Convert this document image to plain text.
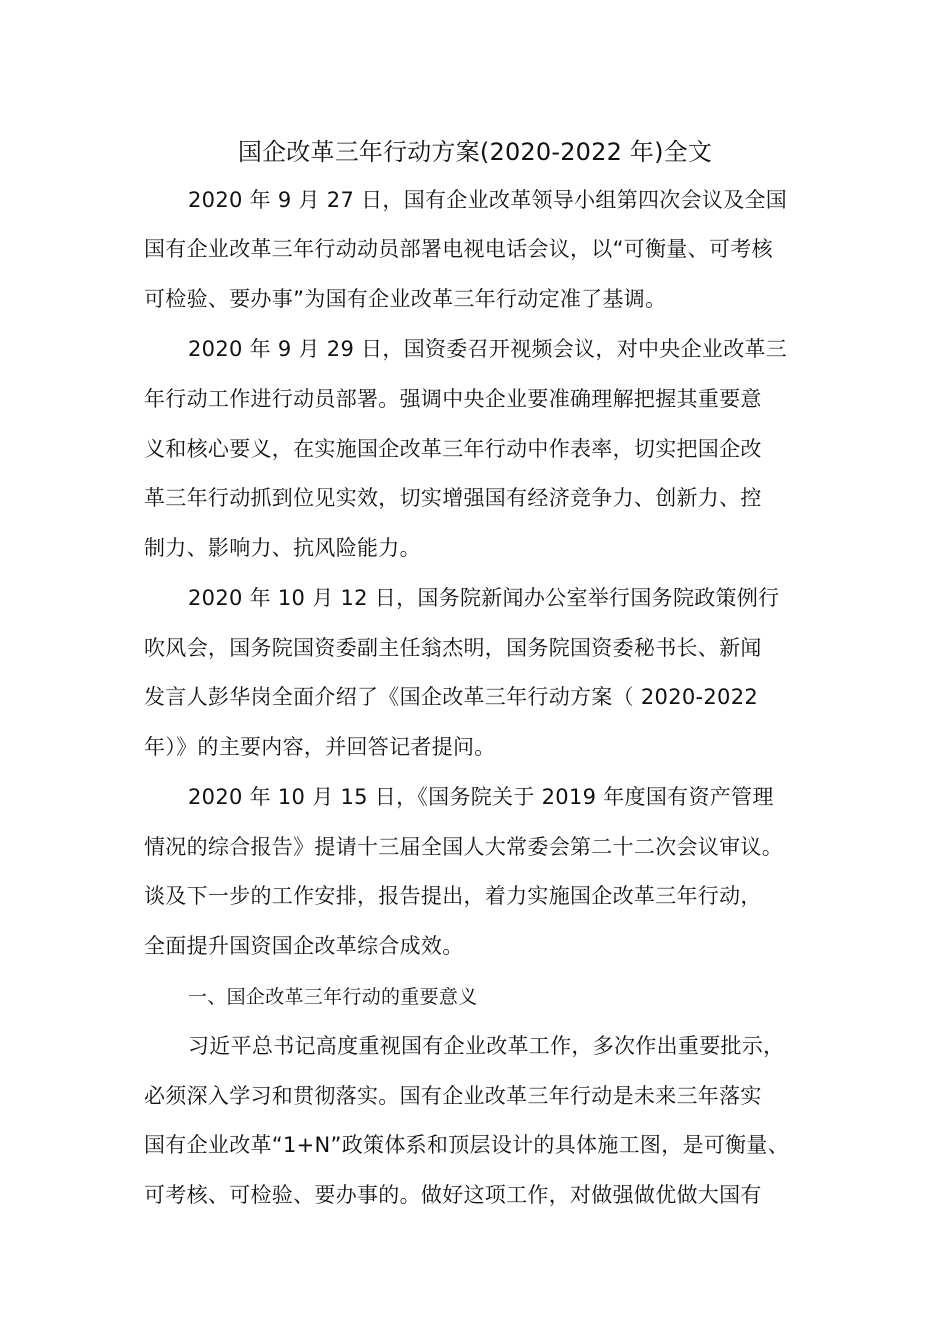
国企改革三年行动方案(2020-2022 年)全文
2020 年 9 月 27 日，国有企业改革领导小组第四次会议及全国
国有企业改革三年行动动员部署电视电话会议，以“可衡量、可考核
可检验、要办事”为国有企业改革三年行动定准了基调。
2020 年 9 月 29 日，国资委召开视频会议，对中央企业改革三
年行动工作进行动员部署。强调中央企业要准确理解把握其重要意
义和核心要义，在实施国企改革三年行动中作表率，切实把国企改
革三年行动抓到位见实效，切实增强国有经济竞争力、创新力、控
制力、影响力、抗风险能力。
2020 年 10 月 12 日，国务院新闻办公室举行国务院政策例行
吹风会，国务院国资委副主任翁杰明，国务院国资委秘书长、新闻
发言人彭华岗全面介绍了《国企改革三年行动方案（ 2020-2022
年）》的主要内容，并回答记者提问。
2020 年 10 月 15 日，《国务院关于 2019 年度国有资产管理
情况的综合报告》提请十三届全国人大常委会第二十二次会议审议。
谈及下一步的工作安排，报告提出，着力实施国企改革三年行动，
全面提升国资国企改革综合成效。
一、国企改革三年行动的重要意义
习近平总书记高度重视国有企业改革工作，多次作出重要批示，
必须深入学习和贯彻落实。国有企业改革三年行动是未来三年落实
国有企业改革“1+N”政策体系和顶层设计的具体施工图，是可衡量、
可考核、可检验、要办事的。做好这项工作，对做强做优做大国有
